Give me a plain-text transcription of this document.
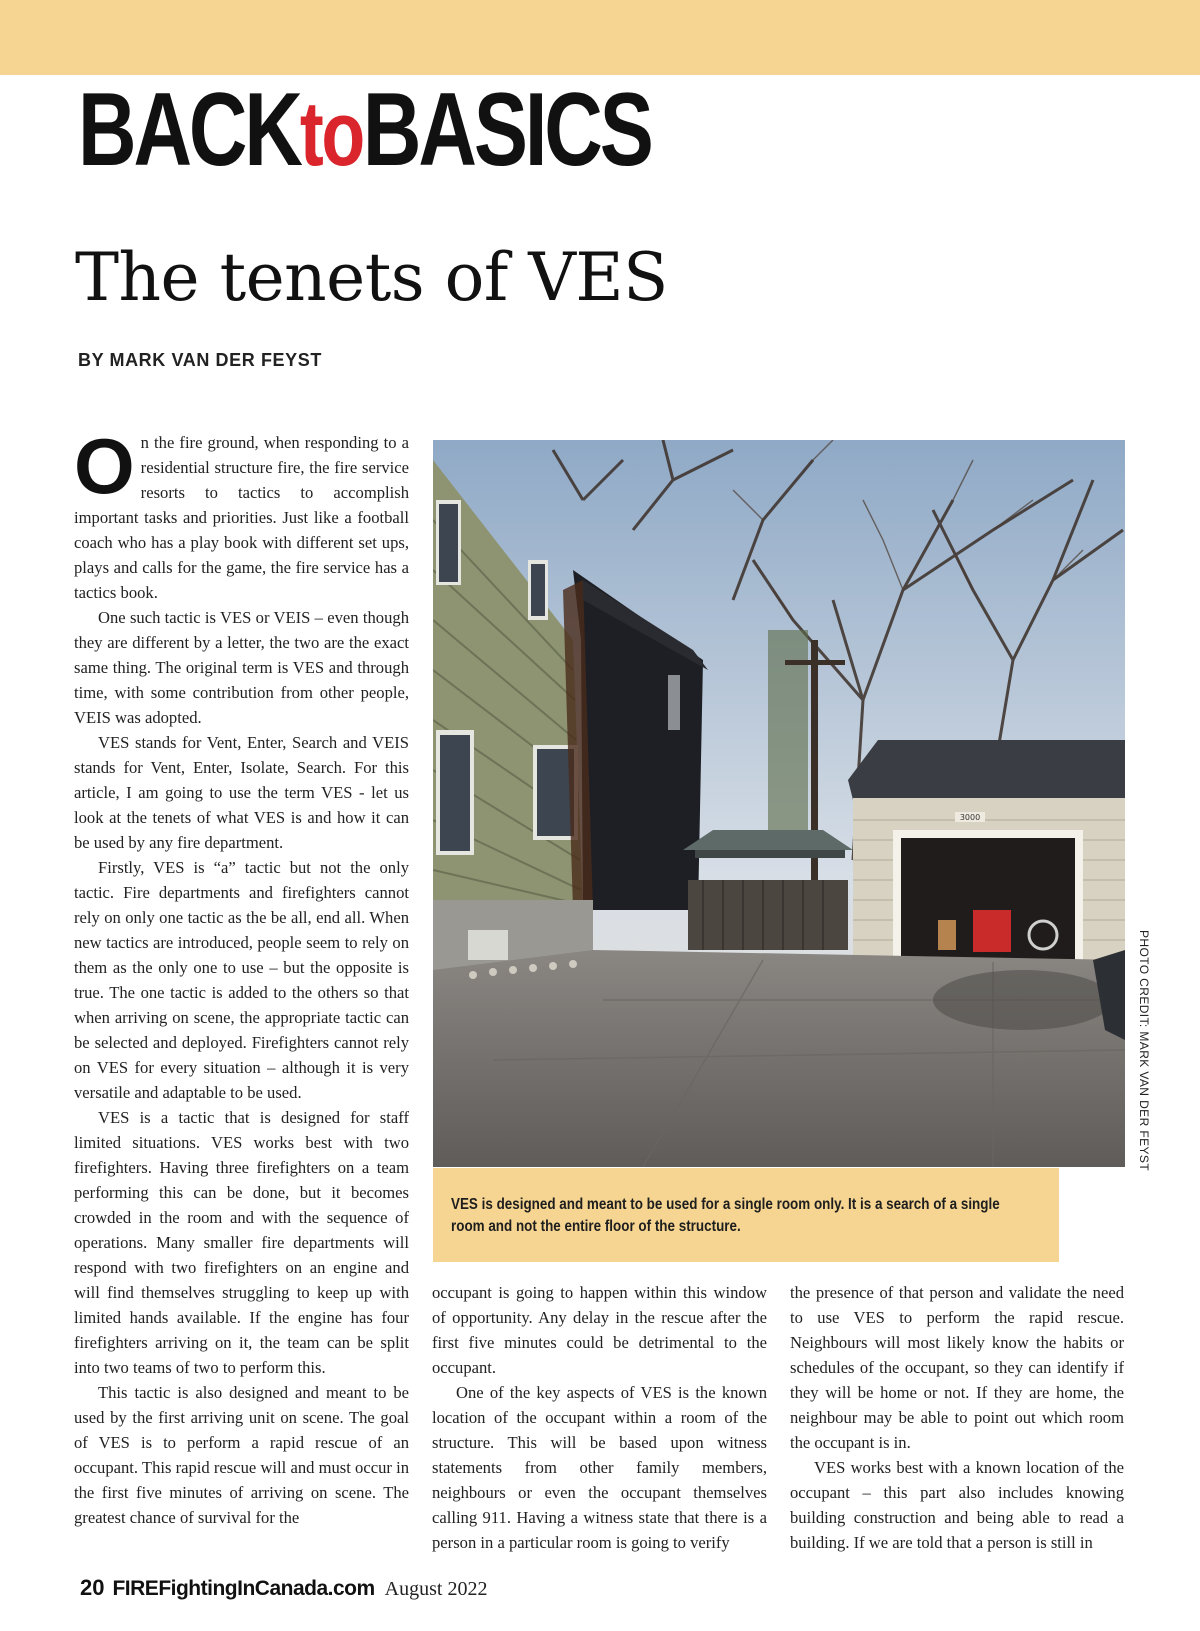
BACKtoBASICS
The tenets of VES
BY MARK VAN DER FEYST

On the fire ground, when responding to a residential structure fire, the fire service resorts to tactics to accomplish important tasks and priorities. Just like a football coach who has a play book with different set ups, plays and calls for the game, the fire service has a tactics book.

One such tactic is VES or VEIS – even though they are different by a letter, the two are the exact same thing. The original term is VES and through time, with some contribution from other people, VEIS was adopted.

VES stands for Vent, Enter, Search and VEIS stands for Vent, Enter, Isolate, Search. For this article, I am going to use the term VES - let us look at the tenets of what VES is and how it can be used by any fire department.

Firstly, VES is “a” tactic but not the only tactic. Fire departments and firefighters cannot rely on only one tactic as the be all, end all. When new tactics are introduced, people seem to rely on them as the only one to use – but the opposite is true. The one tactic is added to the others so that when arriving on scene, the appropriate tactic can be selected and deployed. Firefighters cannot rely on VES for every situation – although it is very versatile and adaptable to be used.

VES is a tactic that is designed for staff limited situations. VES works best with two firefighters. Having three firefighters on a team performing this can be done, but it becomes crowded in the room and with the sequence of operations. Many smaller fire departments will respond with two firefighters on an engine and will find themselves struggling to keep up with limited hands available. If the engine has four firefighters arriving on it, the team can be split into two teams of two to perform this.

This tactic is also designed and meant to be used by the first arriving unit on scene. The goal of VES is to perform a rapid rescue of an occupant. This rapid rescue will and must occur in the first five minutes of arriving on scene. The greatest chance of survival for the

3000
PHOTO CREDIT: MARK VAN DER FEYST
VES is designed and meant to be used for a single room only. It is a search of a single room and not the entire floor of the structure.

occupant is going to happen within this window of opportunity. Any delay in the rescue after the first five minutes could be detrimental to the occupant.

One of the key aspects of VES is the known location of the occupant within a room of the structure. This will be based upon witness statements from other family members, neighbours or even the occupant themselves calling 911. Having a witness state that there is a person in a particular room is going to verify

the presence of that person and validate the need to use VES to perform the rapid rescue. Neighbours will most likely know the habits or schedules of the occupant, so they can identify if they will be home or not. If they are home, the neighbour may be able to point out which room the occupant is in.

VES works best with a known location of the occupant – this part also includes knowing building construction and being able to read a building. If we are told that a person is still in

20 FIREFightingInCanada.com August 2022
